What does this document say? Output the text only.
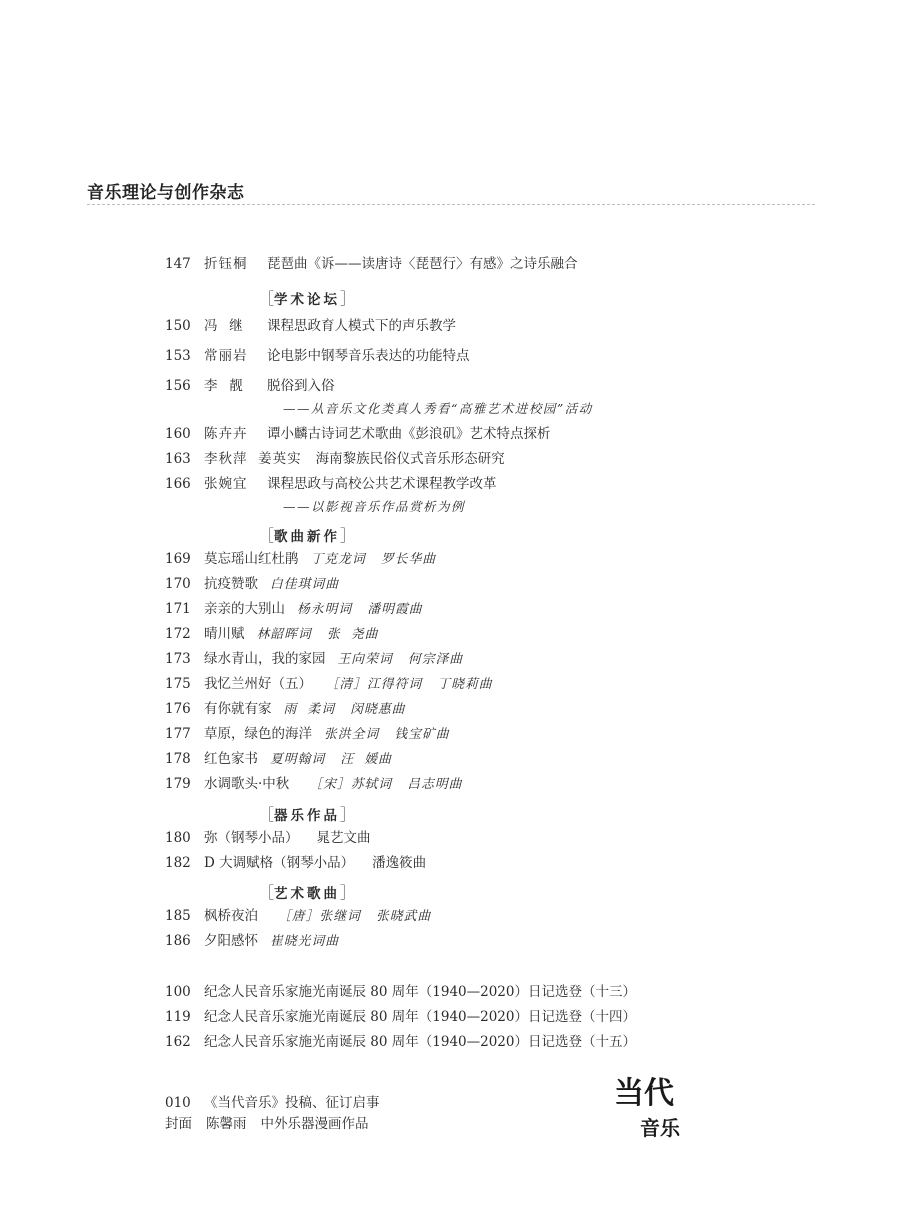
音乐理论与创作杂志
147 折钰桐 琵琶曲《诉——读唐诗〈琵琶行〉有感》之诗乐融合
［学术论坛］
150 冯  继 课程思政育人模式下的声乐教学
153 常丽岩 论电影中钢琴音乐表达的功能特点
156 李  靓 脱俗到入俗
——从音乐文化类真人秀看“高雅艺术进校园”活动
160 陈卉卉 谭小麟古诗词艺术歌曲《彭浪矶》艺术特点探析
163 李秋萍  姜英实 海南黎族民俗仪式音乐形态研究
166 张婉宜 课程思政与高校公共艺术课程教学改革
——以影视音乐作品赏析为例
［歌曲新作］
169 莫忘瑶山红杜鹃 丁克龙词   罗长华曲
170 抗疫赞歌 白佳琪词曲
171 亲亲的大别山 杨永明词   潘明霞曲
172 晴川赋 林韶晖词   张  尧曲
173 绿水青山，我的家园 王向荣词   何宗泽曲
175 我忆兰州好（五） ［清］江得符词   丁晓莉曲
176 有你就有家 雨  柔词   闵晓惠曲
177 草原，绿色的海洋 张洪全词   钱宝矿曲
178 红色家书 夏明翰词   汪  媛曲
179 水调歌头·中秋 ［宋］苏轼词   吕志明曲
［器乐作品］
180 弥（钢琴小品） 晁艺文曲
182 D 大调赋格（钢琴小品） 潘逸筱曲
［艺术歌曲］
185 枫桥夜泊 ［唐］张继词   张晓武曲
186 夕阳感怀 崔晓光词曲
100 纪念人民音乐家施光南诞辰 80 周年（1940—2020）日记选登（十三）
119 纪念人民音乐家施光南诞辰 80 周年（1940—2020）日记选登（十四）
162 纪念人民音乐家施光南诞辰 80 周年（1940—2020）日记选登（十五）
010 《当代音乐》投稿、征订启事
封面 陈馨雨 中外乐器漫画作品
当代
音乐
